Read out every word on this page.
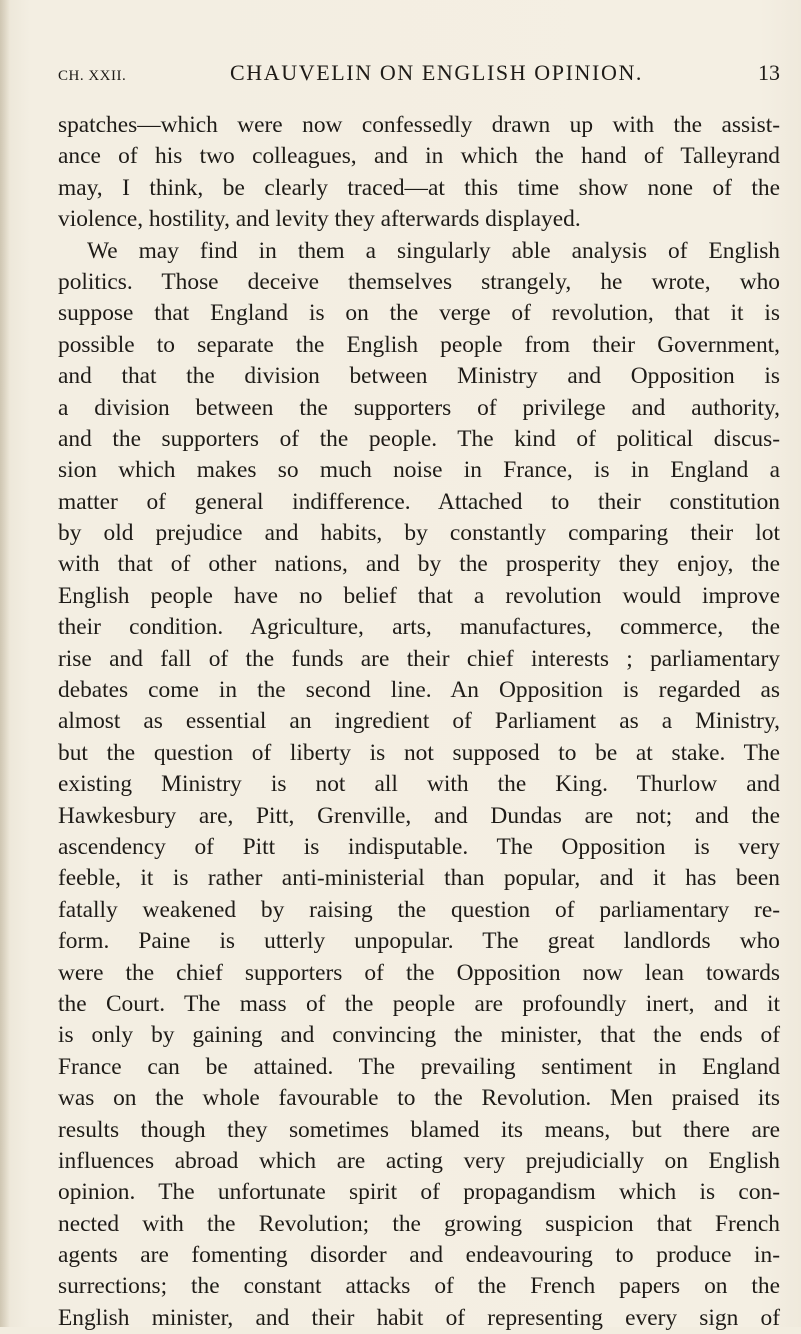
CH. XXII.	CHAUVELIN ON ENGLISH OPINION.	13
spatches—which were now confessedly drawn up with the assist-
ance of his two colleagues, and in which the hand of Talleyrand
may, I think, be clearly traced—at this time show none of the
violence, hostility, and levity they afterwards displayed.
We may find in them a singularly able analysis of English
politics. Those deceive themselves strangely, he wrote, who
suppose that England is on the verge of revolution, that it is
possible to separate the English people from their Government,
and that the division between Ministry and Opposition is
a division between the supporters of privilege and authority,
and the supporters of the people. The kind of political discus-
sion which makes so much noise in France, is in England a
matter of general indifference. Attached to their constitution
by old prejudice and habits, by constantly comparing their lot
with that of other nations, and by the prosperity they enjoy, the
English people have no belief that a revolution would improve
their condition. Agriculture, arts, manufactures, commerce, the
rise and fall of the funds are their chief interests ; parliamentary
debates come in the second line. An Opposition is regarded as
almost as essential an ingredient of Parliament as a Ministry,
but the question of liberty is not supposed to be at stake. The
existing Ministry is not all with the King. Thurlow and
Hawkesbury are, Pitt, Grenville, and Dundas are not; and the
ascendency of Pitt is indisputable. The Opposition is very
feeble, it is rather anti-ministerial than popular, and it has been
fatally weakened by raising the question of parliamentary re-
form. Paine is utterly unpopular. The great landlords who
were the chief supporters of the Opposition now lean towards
the Court. The mass of the people are profoundly inert, and it
is only by gaining and convincing the minister, that the ends of
France can be attained. The prevailing sentiment in England
was on the whole favourable to the Revolution. Men praised its
results though they sometimes blamed its means, but there are
influences abroad which are acting very prejudicially on English
opinion. The unfortunate spirit of propagandism which is con-
nected with the Revolution; the growing suspicion that French
agents are fomenting disorder and endeavouring to produce in-
surrections; the constant attacks of the French papers on the
English minister, and their habit of representing every sign of
